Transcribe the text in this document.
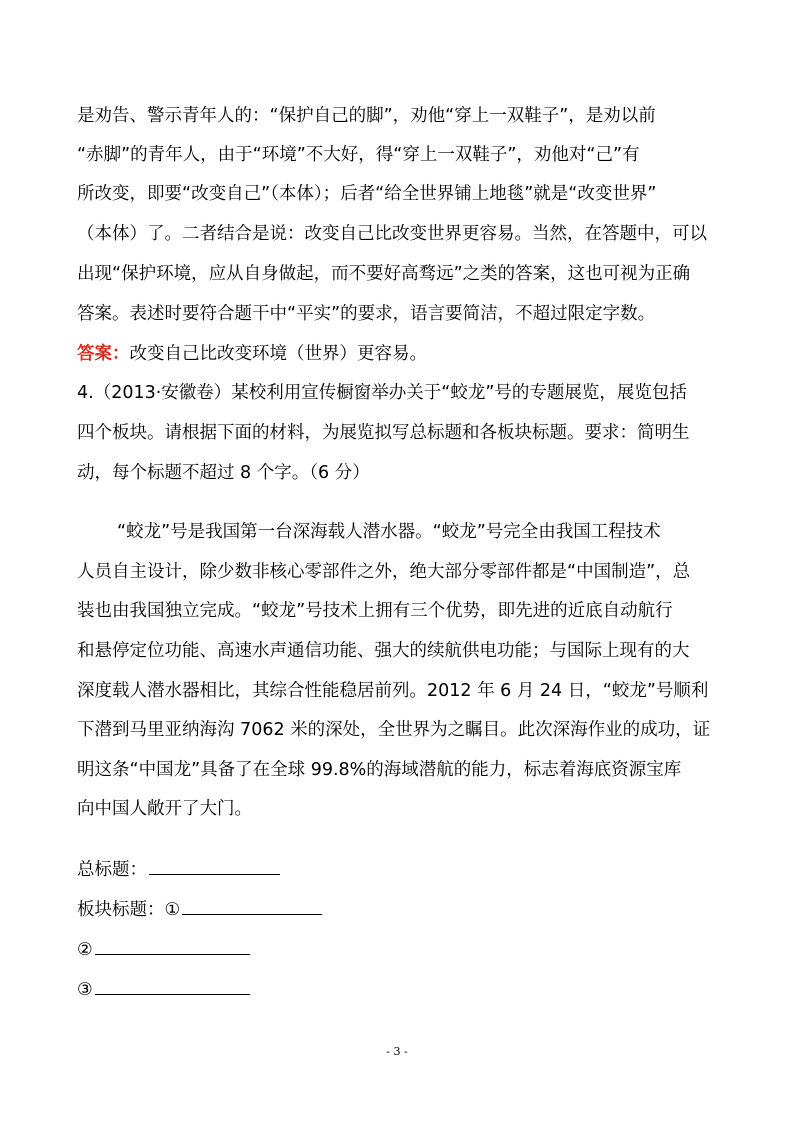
是劝告、警示青年人的：“保护自己的脚”，劝他“穿上一双鞋子”，是劝以前
“赤脚”的青年人，由于“环境”不大好，得“穿上一双鞋子”，劝他对“己”有
所改变，即要“改变自己”（本体）；后者“给全世界铺上地毯”就是“改变世界”
（本体）了。二者结合是说：改变自己比改变世界更容易。当然，在答题中，可以
出现“保护环境，应从自身做起，而不要好高骛远”之类的答案，这也可视为正确
答案。表述时要符合题干中“平实”的要求，语言要简洁，不超过限定字数。
答案：改变自己比改变环境（世界）更容易。
4.（2013·安徽卷）某校利用宣传橱窗举办关于“蛟龙”号的专题展览，展览包括
四个板块。请根据下面的材料，为展览拟写总标题和各板块标题。要求：简明生
动，每个标题不超过 8 个字。（6 分）
“蛟龙”号是我国第一台深海载人潜水器。“蛟龙”号完全由我国工程技术
人员自主设计，除少数非核心零部件之外，绝大部分零部件都是“中国制造”，总
装也由我国独立完成。“蛟龙”号技术上拥有三个优势，即先进的近底自动航行
和悬停定位功能、高速水声通信功能、强大的续航供电功能；与国际上现有的大
深度载人潜水器相比，其综合性能稳居前列。2012 年 6 月 24 日，“蛟龙”号顺利
下潜到马里亚纳海沟 7062 米的深处，全世界为之瞩目。此次深海作业的成功，证
明这条“中国龙”具备了在全球 99.8%的海域潜航的能力，标志着海底资源宝库
向中国人敞开了大门。
总标题：
板块标题：①
②
③
- 3 -
